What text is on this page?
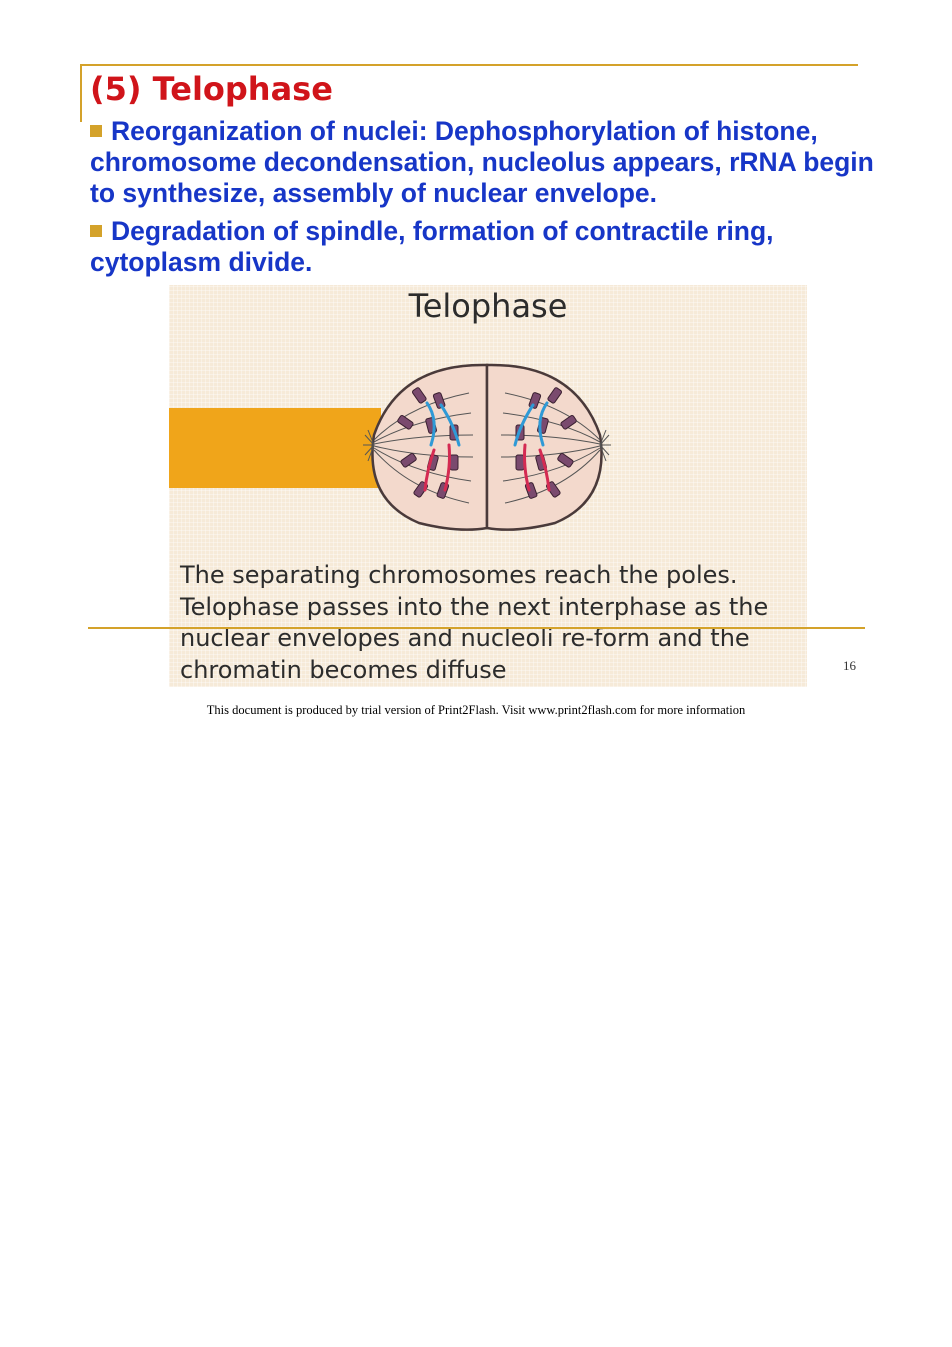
(5) Telophase
Reorganization of nuclei: Dephosphorylation of histone, chromosome decondensation, nucleolus appears, rRNA begin to synthesize, assembly of nuclear envelope.
Degradation of spindle, formation of contractile ring, cytoplasm divide.

Telophase

The separating chromosomes reach the poles.
Telophase passes into the next interphase as the
nuclear envelopes and nucleoli re-form and the
chromatin becomes diffuse	16

This document is produced by trial version of Print2Flash. Visit www.print2flash.com for more information
